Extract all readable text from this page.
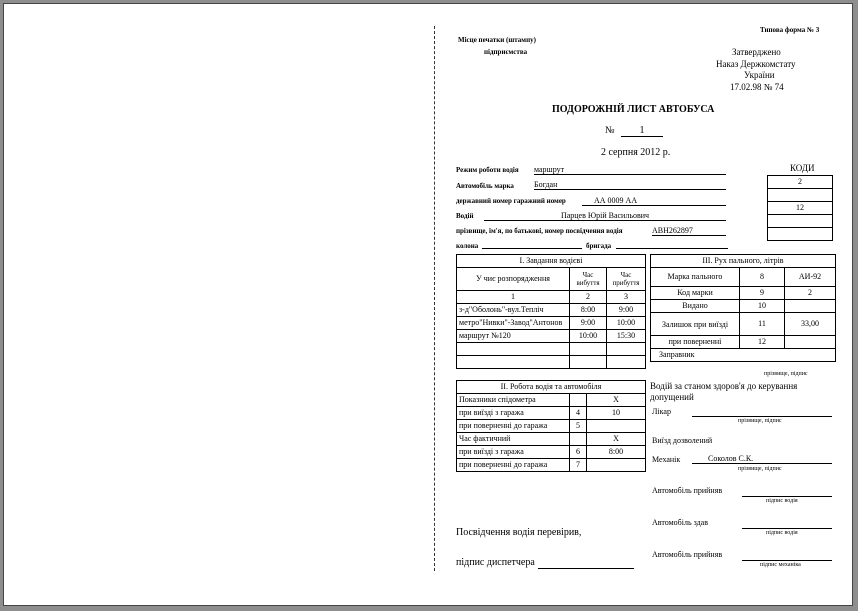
Типова форма № 3
Місце печатки (штампу)
підприємства	Затверджено
Наказ Держкомстату
України
17.02.98 № 74
ПОДОРОЖНІЙ ЛИСТ АВТОБУСА
№	1
2 серпня 2012 р.
КОДИ
2

12

Режим роботи водія маршрут
Автомобіль марка	Богдан
державний номер гаражний номер	АА 0009 АА
Водій	Парцев Юрій Васильович
прізвище, ім'я, по батькові, номер посвідчення водія	АВН262897
колона	бригада
I. Завдання водієві		
У чиє розпорядження	Час вибуття	Час прибуття
1	2	3
з-д"Оболонь"-вул.Тепліч	8:00	9:00
метро"Нивки"-Завод"Антонов	9:00	10:00
маршрут №120	10:00	15:30

III. Рух пального, літрів		
Марка пального	8	АИ-92
Код марки	9	2
Видано	10	
Залишок при виїзді	11	33,00
при поверненні	12	
Заправник		
прізвище, підпис
II. Робота водія та автомобіля		
Показники спідометра		X
при виїзді з гаража	4	10
при поверненні до гаража	5	
Час фактичний		X
при виїзді з гаража	6	8:00
при поверненні до гаража	7	
Водій за станом здоров'я до керування
допущений
Лікар
прізвище, підпис
Виїзд дозволений
Механік	Соколов С.К.
прізвище, підпис
Автомобіль прийняв
підпис водія
Автомобіль здав
підпис водія
Автомобіль прийняв
підпис механіка
Посвідчення водія перевірив,
підпис диспетчера
